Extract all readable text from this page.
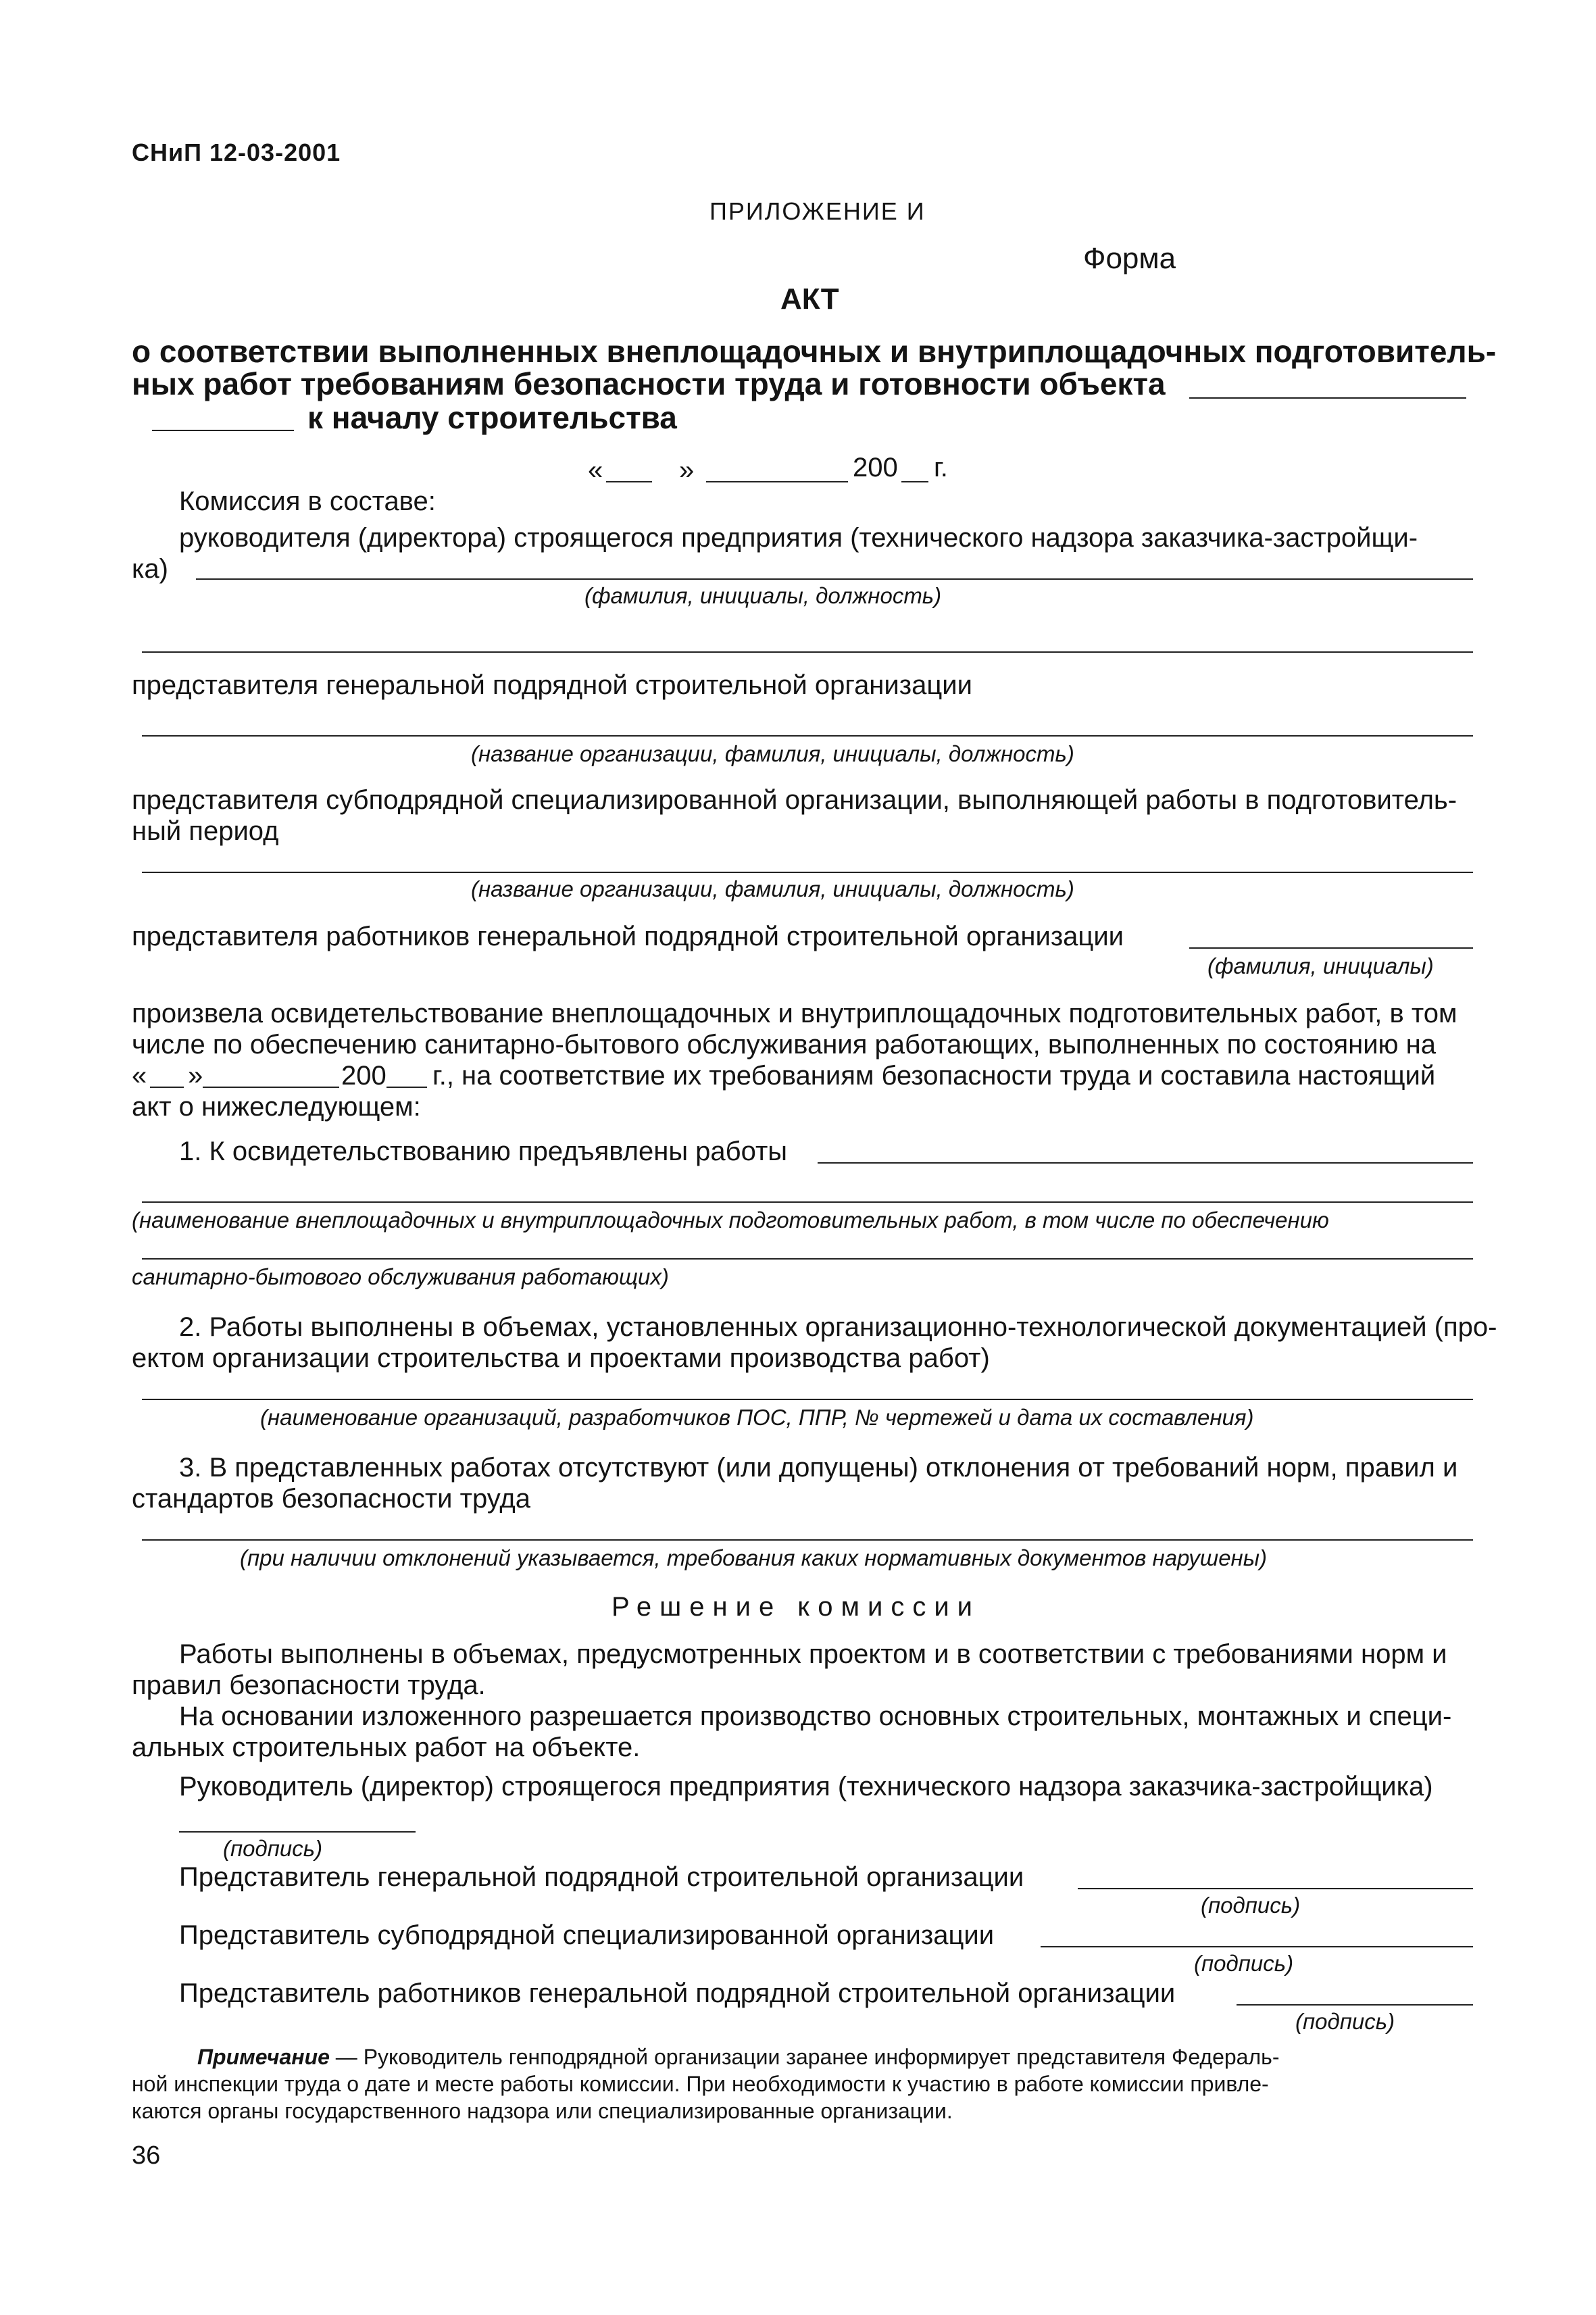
СНиП 12-03-2001
ПРИЛОЖЕНИЕ И
Форма
АКТ
о соответствии выполненных внеплощадочных и внутриплощадочных подготовитель-
ных работ требованиям безопасности труда и готовности объекта
к началу строительства
«	»	200 г.
Комиссия в составе:
руководителя (директора) строящегося предприятия (технического надзора заказчика-застройщи-
ка)
(фамилия, инициалы, должность)
представителя генеральной подрядной строительной организации
(название организации, фамилия, инициалы, должность)
представителя субподрядной специализированной организации, выполняющей работы в подготовитель-
ный период
(название организации, фамилия, инициалы, должность)
представителя работников генеральной подрядной строительной организации
(фамилия, инициалы)
произвела освидетельствование внеплощадочных и внутриплощадочных подготовительных работ, в том
числе по обеспечению санитарно-бытового обслуживания работающих, выполненных по состоянию на
« »	200 г., на соответствие их требованиям безопасности труда и составила настоящий
акт о нижеследующем:
1. К освидетельствованию предъявлены работы
(наименование внеплощадочных и внутриплощадочных подготовительных работ, в том числе по обеспечению
санитарно-бытового обслуживания работающих)
2. Работы выполнены в объемах, установленных организационно-технологической документацией (про-
ектом организации строительства и проектами производства работ)
(наименование организаций, разработчиков ПОС, ППР, № чертежей и дата их составления)
3. В представленных работах отсутствуют (или допущены) отклонения от требований норм, правил и
стандартов безопасности труда
(при наличии отклонений указывается, требования каких нормативных документов нарушены)
Решение комиссии
Работы выполнены в объемах, предусмотренных проектом и в соответствии с требованиями норм и
правил безопасности труда.
На основании изложенного разрешается производство основных строительных, монтажных и специ-
альных строительных работ на объекте.
Руководитель (директор) строящегося предприятия (технического надзора заказчика-застройщика)
(подпись)
Представитель генеральной подрядной строительной организации
(подпись)
Представитель субподрядной специализированной организации
(подпись)
Представитель работников генеральной подрядной строительной организации
(подпись)
Примечание — Руководитель генподрядной организации заранее информирует представителя Федераль-
ной инспекции труда о дате и месте работы комиссии. При необходимости к участию в работе комиссии привле-
каются органы государственного надзора или специализированные организации.
36
